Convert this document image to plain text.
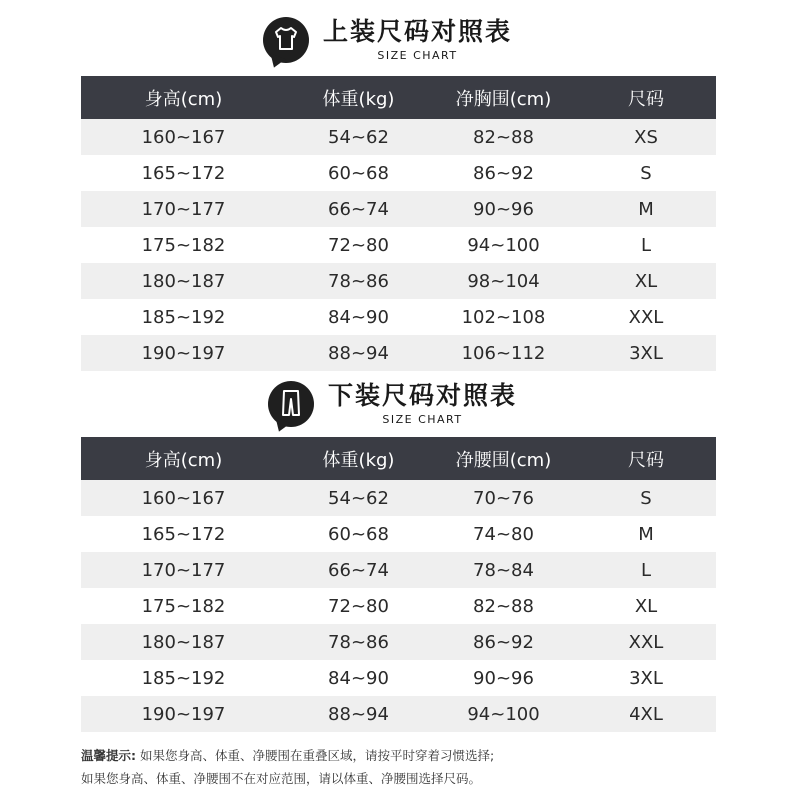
上装尺码对照表
SIZE CHART
身高(cm)	体重(kg)	净胸围(cm)	尺码
160~167	54~62	82~88	XS
165~172	60~68	86~92	S
170~177	66~74	90~96	M
175~182	72~80	94~100	L
180~187	78~86	98~104	XL
185~192	84~90	102~108	XXL
190~197	88~94	106~112	3XL
下装尺码对照表
SIZE CHART
身高(cm)	体重(kg)	净腰围(cm)	尺码
160~167	54~62	70~76	S
165~172	60~68	74~80	M
170~177	66~74	78~84	L
175~182	72~80	82~88	XL
180~187	78~86	86~92	XXL
185~192	84~90	90~96	3XL
190~197	88~94	94~100	4XL
温馨提示: 如果您身高、体重、净腰围在重叠区域，请按平时穿着习惯选择;
如果您身高、体重、净腰围不在对应范围，请以体重、净腰围选择尺码。
